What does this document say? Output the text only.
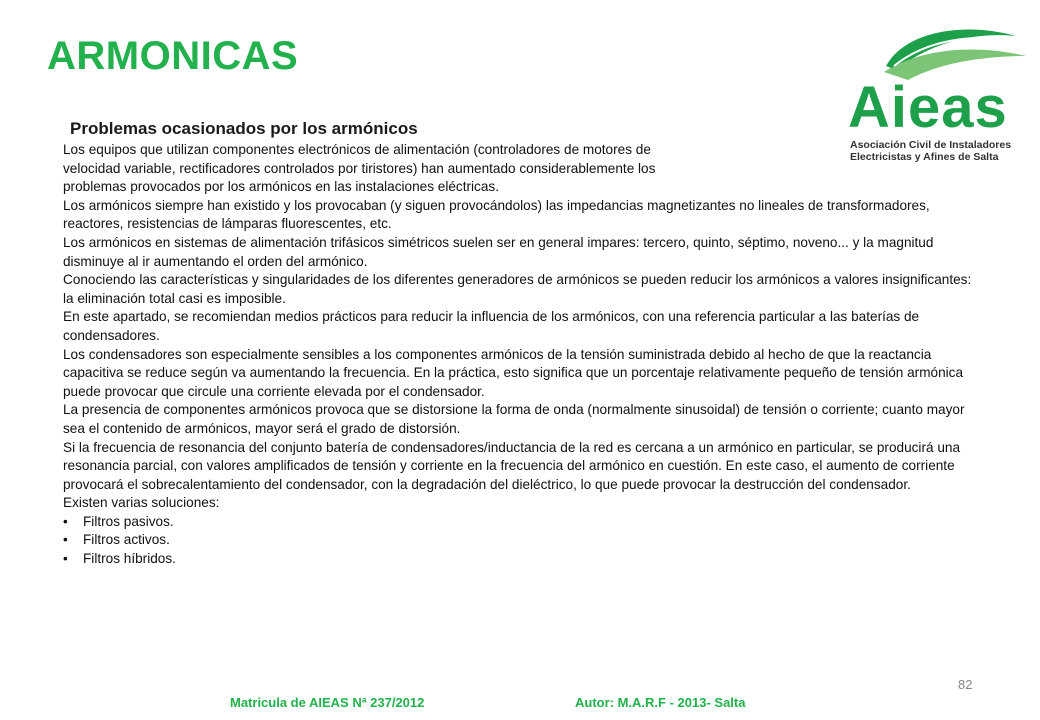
ARMONICAS
Aieas
Asociación Civil de Instaladores
Electricistas y Afines de Salta
Problemas ocasionados por los armónicos

Los equipos que utilizan componentes electrónicos de alimentación (controladores de motores de velocidad variable, rectificadores controlados por tiristores) han aumentado considerablemente los problemas provocados por los armónicos en las instalaciones eléctricas.

Los armónicos siempre han existido y los provocaban (y siguen provocándolos) las impedancias magnetizantes no lineales de transformadores, reactores, resistencias de lámparas fluorescentes, etc.

Los armónicos en sistemas de alimentación trifásicos simétricos suelen ser en general impares: tercero, quinto, séptimo, noveno... y la magnitud disminuye al ir aumentando el orden del armónico.

Conociendo las características y singularidades de los diferentes generadores de armónicos se pueden reducir los armónicos a valores insignificantes: la eliminación total casi es imposible.

En este apartado, se recomiendan medios prácticos para reducir la influencia de los armónicos, con una referencia particular a las baterías de condensadores.

Los condensadores son especialmente sensibles a los componentes armónicos de la tensión suministrada debido al hecho de que la reactancia capacitiva se reduce según va aumentando la frecuencia. En la práctica, esto significa que un porcentaje relativamente pequeño de tensión armónica puede provocar que circule una corriente elevada por el condensador.

La presencia de componentes armónicos provoca que se distorsione la forma de onda (normalmente sinusoidal) de tensión o corriente; cuanto mayor sea el contenido de armónicos, mayor será el grado de distorsión.

Si la frecuencia de resonancia del conjunto batería de condensadores/inductancia de la red es cercana a un armónico en particular, se producirá una resonancia parcial, con valores amplificados de tensión y corriente en la frecuencia del armónico en cuestión. En este caso, el aumento de corriente provocará el sobrecalentamiento del condensador, con la degradación del dieléctrico, lo que puede provocar la destrucción del condensador.

Existen varias soluciones:

• Filtros pasivos.
• Filtros activos.
• Filtros híbridos.
82
Matricula de AIEAS Nª 237/2012	Autor: M.A.R.F - 2013- Salta
